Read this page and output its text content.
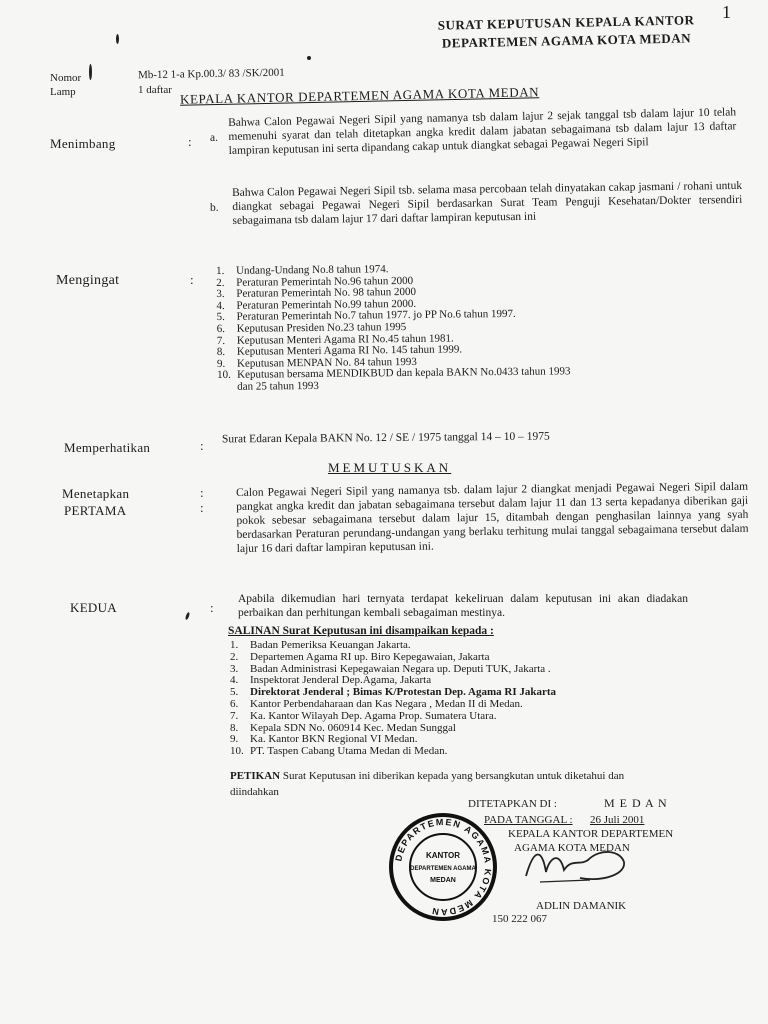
1
SURAT KEPUTUSAN KEPALA KANTOR
DEPARTEMEN AGAMA KOTA MEDAN
Nomor	Mb-12 1-a Kp.00.3/ 83 /SK/2001
Lamp	1 daftar KEPALA KANTOR DEPARTEMEN AGAMA KOTA MEDAN
Menimbang	: a.
Bahwa Calon Pegawai Negeri Sipil yang namanya tsb dalam lajur 2 sejak tanggal tsb dalam lajur 10 telah memenuhi syarat dan telah ditetapkan angka kredit dalam jabatan sebagaimana tsb dalam lajur 13 daftar lampiran keputusan ini serta dipandang cakap untuk diangkat sebagai Pegawai Negeri Sipil
b.
Bahwa Calon Pegawai Negeri Sipil tsb. selama masa percobaan telah dinyatakan cakap jasmani / rohani untuk diangkat sebagai Pegawai Negeri Sipil berdasarkan Surat Team Penguji Kesehatan/Dokter tersendiri sebagaimana tsb dalam lajur 17 dari daftar lampiran keputusan ini
Mengingat	:
1.	Undang-Undang No.8 tahun 1974.
2.	Peraturan Pemerintah No.96 tahun 2000
3.	Peraturan Pemerintah No. 98 tahun 2000
4.	Peraturan Pemerintah No.99 tahun 2000.
5.	Peraturan Pemerintah No.7 tahun 1977. jo PP No.6 tahun 1997.
6.	Keputusan Presiden No.23 tahun 1995
7.	Keputusan Menteri Agama RI No.45 tahun 1981.
8.	Keputusan Menteri Agama RI No. 145 tahun 1999.
9.	Keputusan MENPAN No. 84 tahun 1993
10. Keputusan bersama MENDIKBUD dan kepala BAKN No.0433 tahun 1993
dan 25 tahun 1993
Memperhatikan	: Surat Edaran Kepala BAKN No. 12 / SE / 1975 tanggal 14 – 10 – 1975
MEMUTUSKAN
Menetapkan	:
PERTAMA	:
Calon Pegawai Negeri Sipil yang namanya tsb. dalam lajur 2 diangkat menjadi Pegawai Negeri Sipil dalam pangkat angka kredit dan jabatan sebagaimana tersebut dalam lajur 11 dan 13 serta kepadanya diberikan gaji pokok sebesar sebagaimana tersebut dalam lajur 15, ditambah dengan penghasilan lainnya yang syah berdasarkan Peraturan perundang-undangan yang berlaku terhitung mulai tanggal sebagaimana tersebut dalam lajur 16 dari daftar lampiran keputusan ini.
KEDUA	:
Apabila dikemudian hari ternyata terdapat kekeliruan dalam keputusan ini akan diadakan perbaikan dan perhitungan kembali sebagaiman mestinya.
SALINAN Surat Keputusan ini disampaikan kepada :
1.	Badan Pemeriksa Keuangan Jakarta.
2.	Departemen Agama RI up. Biro Kepegawaian, Jakarta
3.	Badan Administrasi Kepegawaian Negara up. Deputi TUK, Jakarta .
4.	Inspektorat Jenderal Dep.Agama, Jakarta
5.	Direktorat Jenderal ; Bimas K/Protestan Dep. Agama RI Jakarta
6.	Kantor Perbendaharaan dan Kas Negara , Medan II di Medan.
7.	Ka. Kantor Wilayah Dep. Agama Prop. Sumatera Utara.
8.	Kepala SDN No. 060914 Kec. Medan Sunggal
9.	Ka. Kantor BKN Regional VI Medan.
10. PT. Taspen Cabang Utama Medan di Medan.
PETIKAN Surat Keputusan ini diberikan kepada yang bersangkutan untuk diketahui dan
diindahkan
DITETAPKAN DI :	M E D A N
PADA TANGGAL : 26 Juli 2001
KEPALA KANTOR DEPARTEMEN
AGAMA KOTA MEDAN
ADLIN DAMANIK
150 222 067
DEPARTEMEN AGAMA KOTA MEDAN
KANTOR
DEPARTEMEN AGAMA
MEDAN
